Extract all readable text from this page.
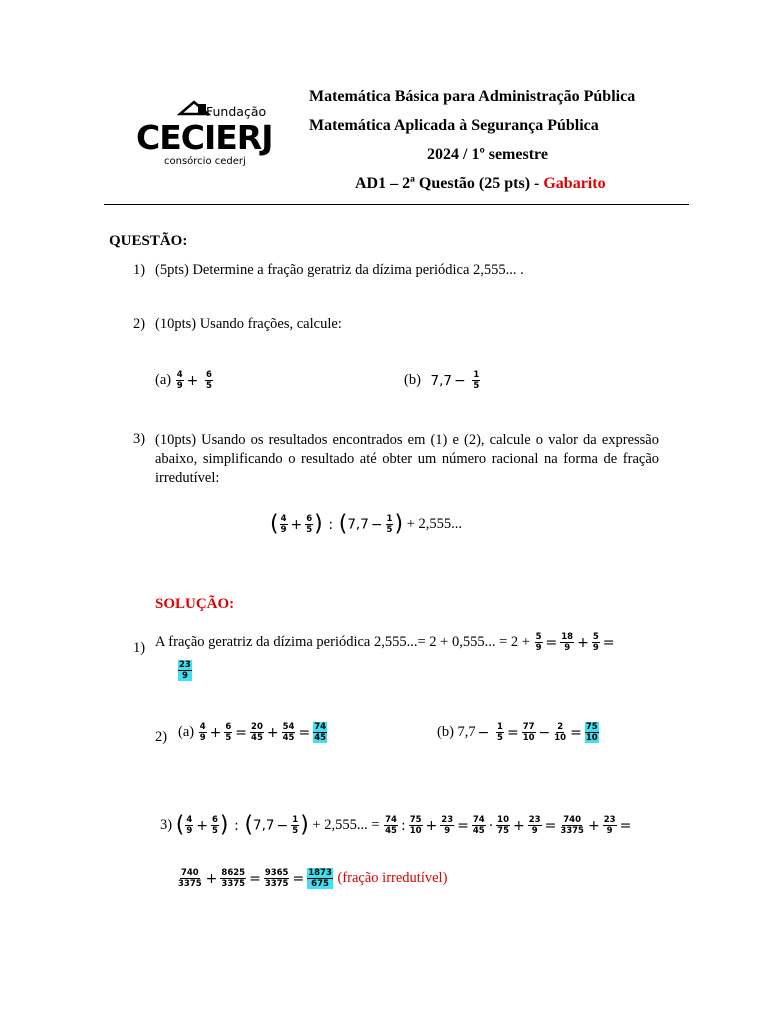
Fundação
CECIERJ
consórcio cederj
Matemática Básica para Administração Pública
Matemática Aplicada à Segurança Pública
2024 / 1º semestre
AD1 – 2ª Questão (25 pts) - Gabarito
QUESTÃO:
1) (5pts) Determine a fração geratriz da dízima periódica 2,555... .
2) (10pts) Usando frações, calcule:
$(a) \frac{4}{9} + \frac{6}{5}$	(b) $7,7 - \frac{1}{5}$
3) (10pts) Usando os resultados encontrados em (1) e (2), calcule o valor da expressão abaixo, simplificando o resultado até obter um número racional na forma de fração irredutível:
( $\frac{4}{9} + \frac{6}{5}$ ) : ($7,7 - \frac{1}{5}$ ) + 2,555...
SOLUÇÃO:
1) A fração geratriz da dízima periódica 2,555...= 2 + 0,555... = $2 + \frac{5}{9} = \frac{18}{9} + \frac{5}{9}$ =
$\frac{23}{9}$
2) $(a) \frac{4}{9} + \frac{6}{5} = \frac{20}{45} + \frac{54}{45} = \frac{74}{45}$	(b) $7,7 - \frac{1}{5} = \frac{77}{10} - \frac{2}{10} = \frac{75}{10}$
3) ( $\frac{4}{9} + \frac{6}{5}$ ) : ($7,7 - \frac{1}{5}$ ) + 2,555... = $\frac{74}{45}$ : $\frac{75}{10} + \frac{23}{9} = \frac{74}{45} \cdot \frac{10}{75} + \frac{23}{9} = \frac{740}{3375} + \frac{23}{9}$ =
$\frac{740}{3375} + \frac{8625}{3375} = \frac{9365}{3375} = \frac{1873}{675}$ (fração irredutível)
